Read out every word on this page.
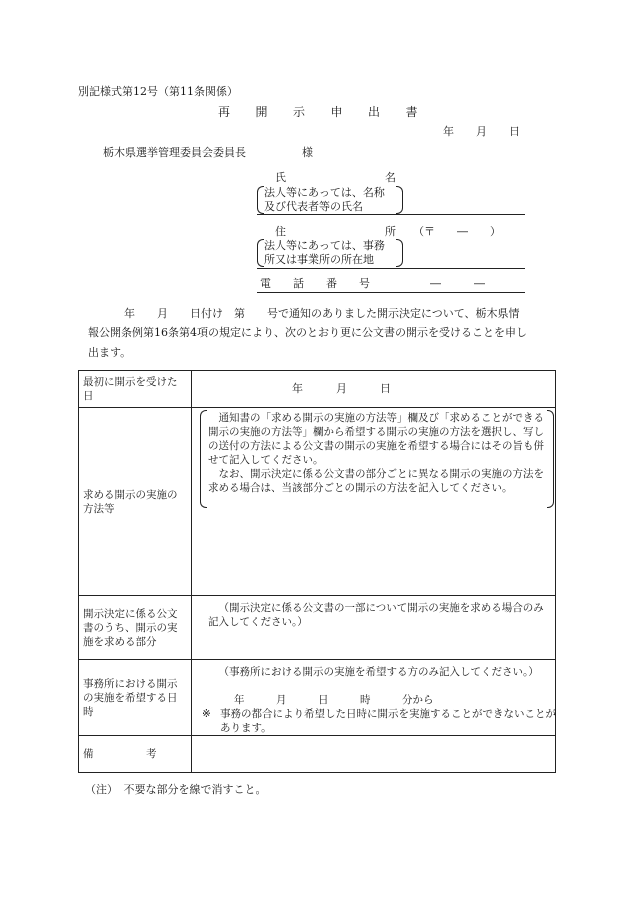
別記様式第12号（第11条関係）
再　　開　　示　　申　　出　　書
年　　月　　日
栃木県選挙管理委員会委員長	様
氏　　　　　　　　　名
法人等にあっては、名称
及び代表者等の氏名
住　　　　　　　　　所 （〒　　―　　）
法人等にあっては、事務
所又は事業所の所在地
電　　話　　番　　号	―　　　―
年　　月　　日付け　第　　号で通知のありました開示決定について、栃木県情
報公開条例第16条第4項の規定により、次のとおり更に公文書の開示を受けることを申し
出ます。
最初に開示を受けた日	年　　　月　　　日

求める開示の実施の方法等	通知書の「求める開示の実施の方法等」欄及び「求めることができる開示の実施の方法等」欄から希望する開示の実施の方法を選択し、写しの送付の方法による公文書の開示の実施を希望する場合にはその旨も併せて記入してください。
なお、開示決定に係る公文書の部分ごとに異なる開示の実施の方法を求める場合は、当該部分ごとの開示の方法を記入してください。

開示決定に係る公文書のうち、開示の実施を求める部分	（開示決定に係る公文書の一部について開示の実施を求める場合のみ記入してください。）

事務所における開示の実施を希望する日時	（事務所における開示の実施を希望する方のみ記入してください。）
年　　　月　　　日　　　時　　　分から
※ 事務の都合により希望した日時に開示を実施することができないことがあります。

備　　　　　考	
（注）　不要な部分を線で消すこと。
